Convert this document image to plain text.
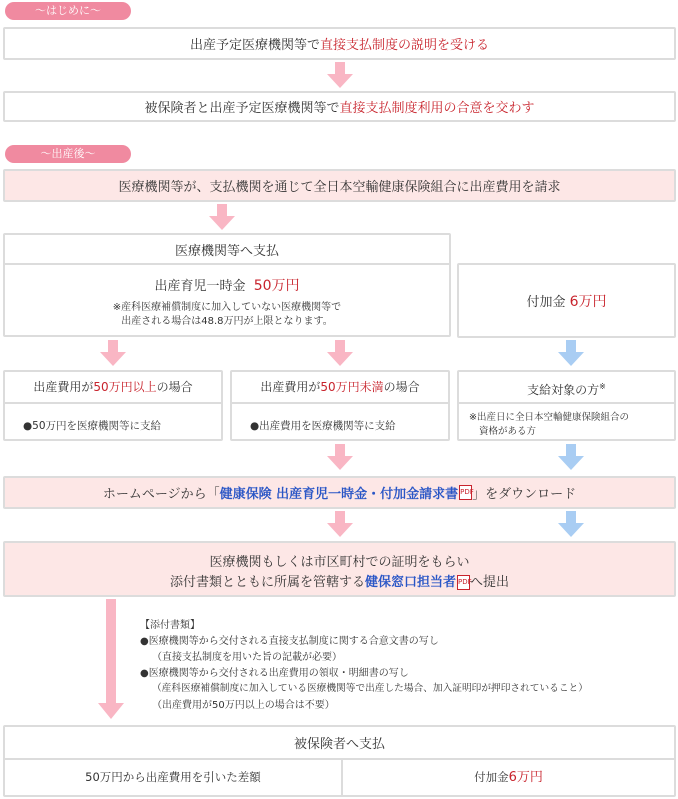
～はじめに～
出産予定医療機関等で 直接支払制度の説明を受ける
被保険者と出産予定医療機関等で 直接支払制度利用の合意を交わす
～出産後～
医療機関等が、支払機関を通じて全日本空輸健康保険組合に出産費用を請求
医療機関等へ支払
出産育児一時金 50万円
※産科医療補償制度に加入していない医療機関等で
出産される場合は48.8万円が上限となります。
付加金
6万円
出産費用が50万円以上の場合
●50万円を医療機関等に支給
出産費用が50万円未満の場合
●出産費用を医療機関等に支給
支給対象の方※
※出産日に全日本空輸健康保険組合の
資格がある方
ホームページから「 健康保険 出産育児一時金・付加金請求書 PDF
」をダウンロード
医療機関もしくは市区町村での証明をもらい
添付書類とともに所属を管轄する健保窓口担当者 PDFへ提出
【添付書類】
●医療機関等から交付される直接支払制度に関する合意文書の写し
（直接支払制度を用いた旨の記載が必要）
●医療機関等から交付される出産費用の領収・明細書の写し
（産科医療補償制度に加入している医療機関等で出産した場合、加入証明印が押印されていること）
（出産費用が50万円以上の場合は不要）
被保険者へ支払
50万円から出産費用を引いた差額	付加金6万円
